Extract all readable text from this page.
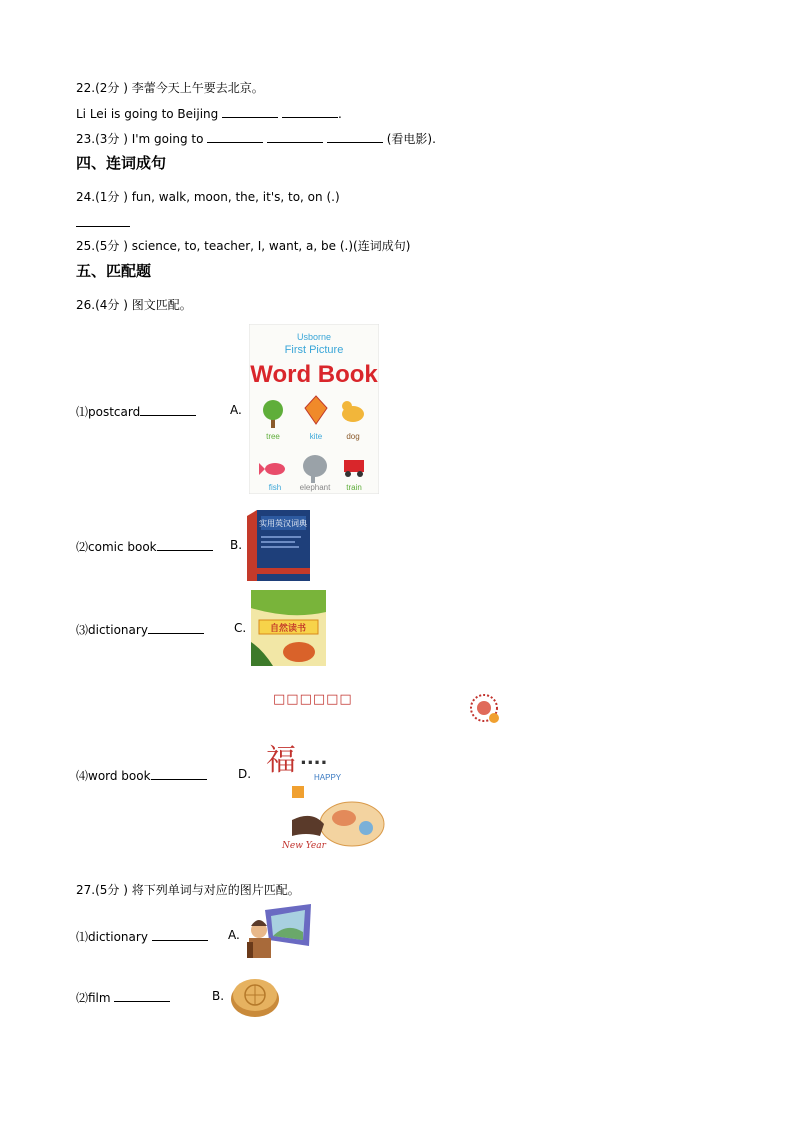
22.(2分 ) 李蕾今天上午要去北京。
Li Lei is going to Beijing	.
23.(3分 ) I'm going to	(看电影).
四、连词成句
24.(1分 ) fun, walk, moon, the, it's, to, on (.)
25.(5分 ) science, to, teacher, I, want, a, be (.)(连词成句)
五、匹配题
26.(4分 ) 图文匹配。
⑴postcard	A.
⑵comic book	B.
⑶dictionary	C.
⑷word book	D.
Usborne
First Picture
Word Book
tree	kite	dog
fish elephant train
实用英汉词典
自然读书
□□□□□□
福 ....
HAPPY
New Year
27.(5分 ) 将下列单词与对应的图片匹配。
⑴dictionary	A.
⑵film	B.
